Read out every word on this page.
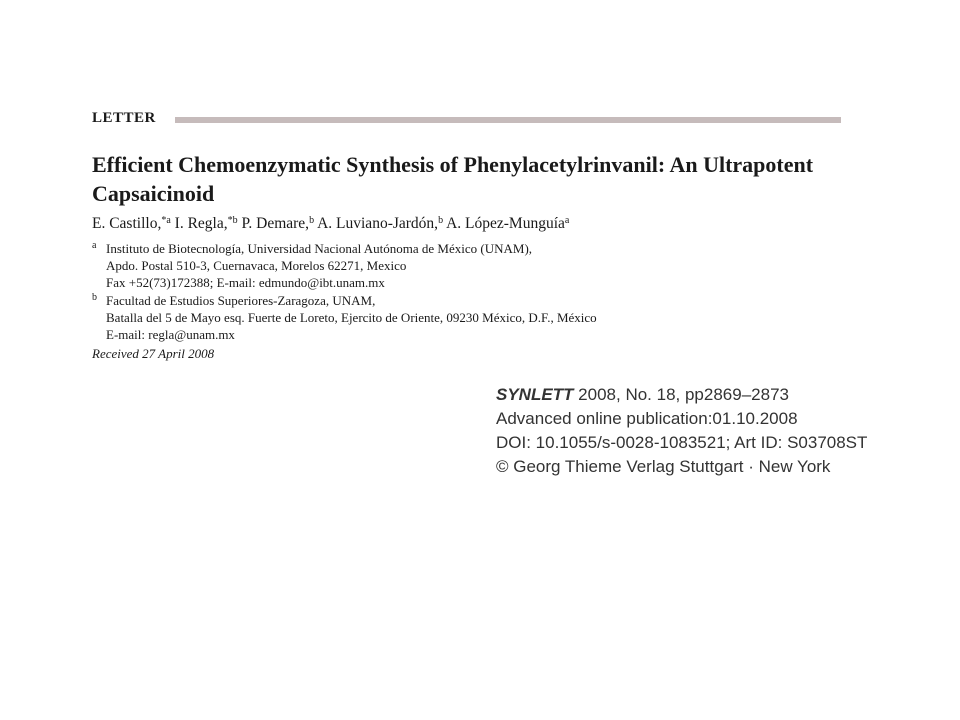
LETTER
Efficient Chemoenzymatic Synthesis of Phenylacetylrinvanil: An Ultrapotent Capsaicinoid
E. Castillo,$^{*a}$ I. Regla,$^{*b}$ P. Demare,$^b$ A. Luviano-Jardón,$^b$ A. López-Munguía$^a$
a Instituto de Biotecnología, Universidad Nacional Autónoma de México (UNAM),
Apdo. Postal 510-3, Cuernavaca, Morelos 62271, Mexico
Fax +52(73)172388; E-mail: edmundo@ibt.unam.mx
b Facultad de Estudios Superiores-Zaragoza, UNAM,
Batalla del 5 de Mayo esq. Fuerte de Loreto, Ejercito de Oriente, 09230 México, D.F., México
E-mail: regla@unam.mx
Received 27 April 2008
SYNLETT 2008, No. 18, pp2869–2873
Advanced online publication:01.10.2008
DOI: 10.1055/s-0028-1083521; Art ID: S03708ST
© Georg Thieme Verlag Stuttgart · New York
